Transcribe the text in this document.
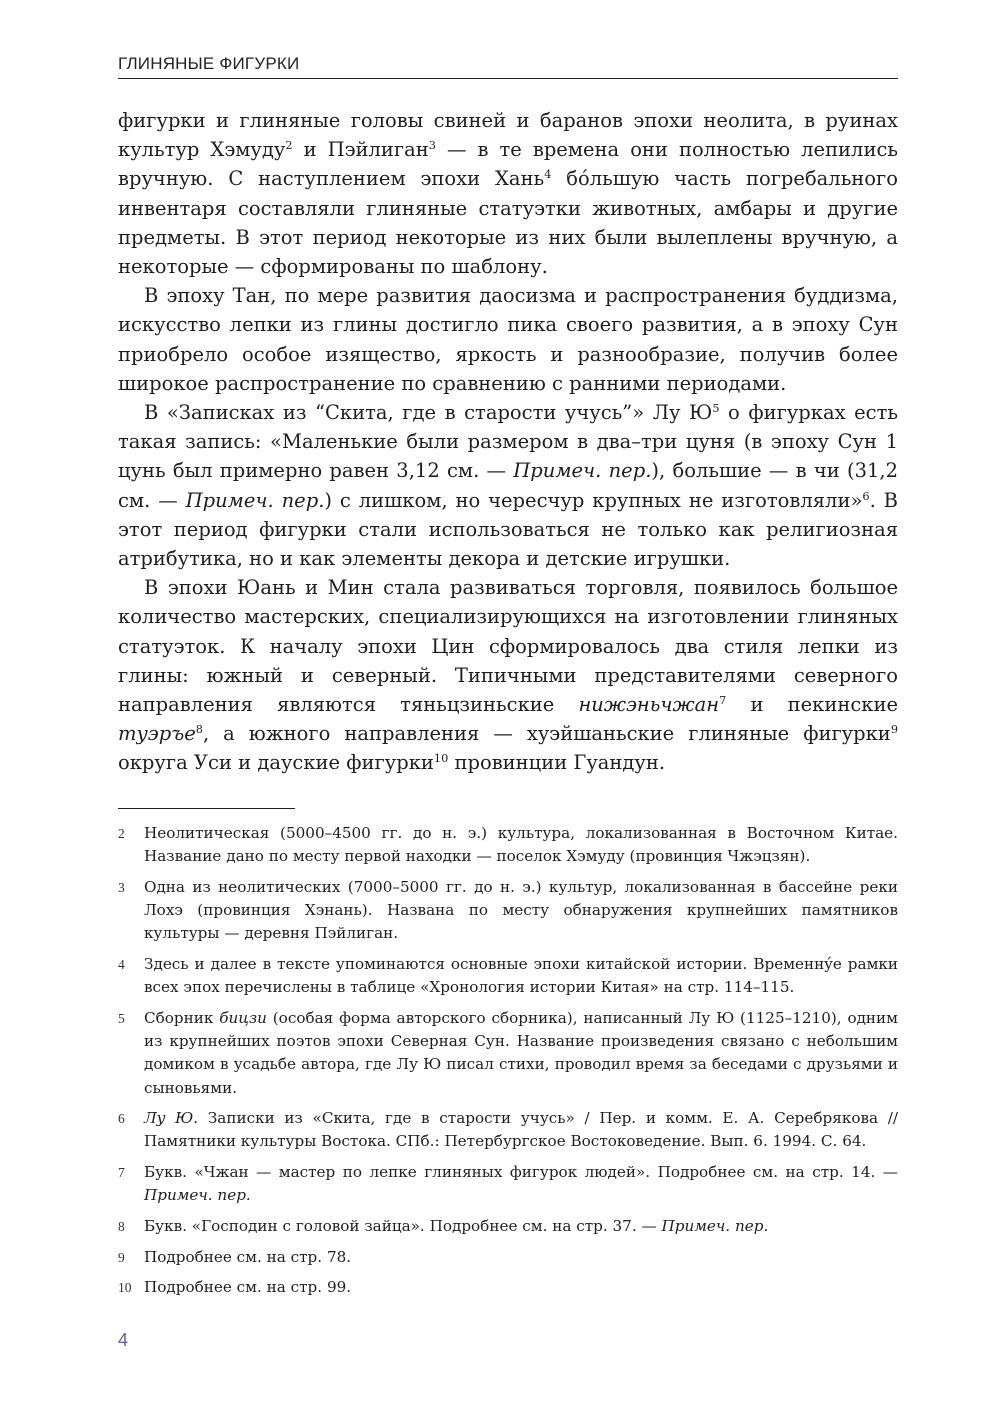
ГЛИНЯНЫЕ ФИГУРКИ

фигурки и глиняные головы свиней и баранов эпохи неолита, в руинах культур Хэмуду$^2$ и Пэйлиган$^3$ — в те времена они полностью лепились вручную. С наступлением эпохи Хань$^4$ бóльшую часть погребального инвентаря составляли глиняные статуэтки животных, амбары и другие предметы. В этот период некоторые из них были вылеплены вручную, а некоторые — сформированы по шаблону.

В эпоху Тан, по мере развития даосизма и распространения буддизма, искусство лепки из глины достигло пика своего развития, а в эпоху Сун приобрело особое изящество, яркость и разнообразие, получив более широкое распространение по сравнению с ранними периодами.

В «Записках из “Скита, где в старости учусь”» Лу $Ю^5$ о фигурках есть такая запись: «Маленькие были размером в два–три цуня (в эпоху Сун 1 цунь был примерно равен 3,12 см. — Примеч. пер.), большие — в чи (31,2 см. — Примеч. пер.) с лишком, но чересчур крупных не изготовляли»$^6$. В этот период фигурки стали использоваться не только как религиозная атрибутика, но и как элементы декора и детские игрушки.

В эпохи Юань и Мин стала развиваться торговля, появилось большое количество мастерских, специализирующихся на изготовлении глиняных статуэток. К началу эпохи Цин сформировалось два стиля лепки из глины: южный и северный. Типичными представителями северного направления являются тяньцзиньские нижэньчжан$^7$ и пекинские туэръе$^8$, а южного направления — хуэйшаньские глиняные фигурки$^9$ округа Уси и дауские фигурки$^{10}$ провинции Гуандун.

2 Неолитическая (5000–4500 гг. до н. э.) культура, локализованная в Восточном Китае. Название дано по месту первой находки — поселок Хэмуду (провинция Чжэцзян).
3 Одна из неолитических (7000–5000 гг. до н. э.) культур, локализованная в бассейне реки Лохэ (провинция Хэнань). Названа по месту обнаружения крупнейших памятников культуры — деревня Пэйлиган.
4 Здесь и далее в тексте упоминаются основные эпохи китайской истории. Временнýе рамки всех эпох перечислены в таблице «Хронология истории Китая» на стр. 114–115.
5 Сборник бицзи (особая форма авторского сборника), написанный Лу Ю (1125–1210), одним из крупнейших поэтов эпохи Северная Сун. Название произведения связано с небольшим домиком в усадьбе автора, где Лу Ю писал стихи, проводил время за беседами с друзьями и сыновьями.
6 Лу Ю. Записки из «Скита, где в старости учусь» / Пер. и комм. Е. А. Серебрякова // Памятники культуры Востока. СПб.: Петербургское Востоковедение. Вып. 6. 1994. С. 64.
7 Букв. «Чжан — мастер по лепке глиняных фигурок людей». Подробнее см. на стр. 14. — Примеч. пер.
8 Букв. «Господин с головой зайца». Подробнее см. на стр. 37. — Примеч. пер.
9 Подробнее см. на стр. 78.
10 Подробнее см. на стр. 99.
4
